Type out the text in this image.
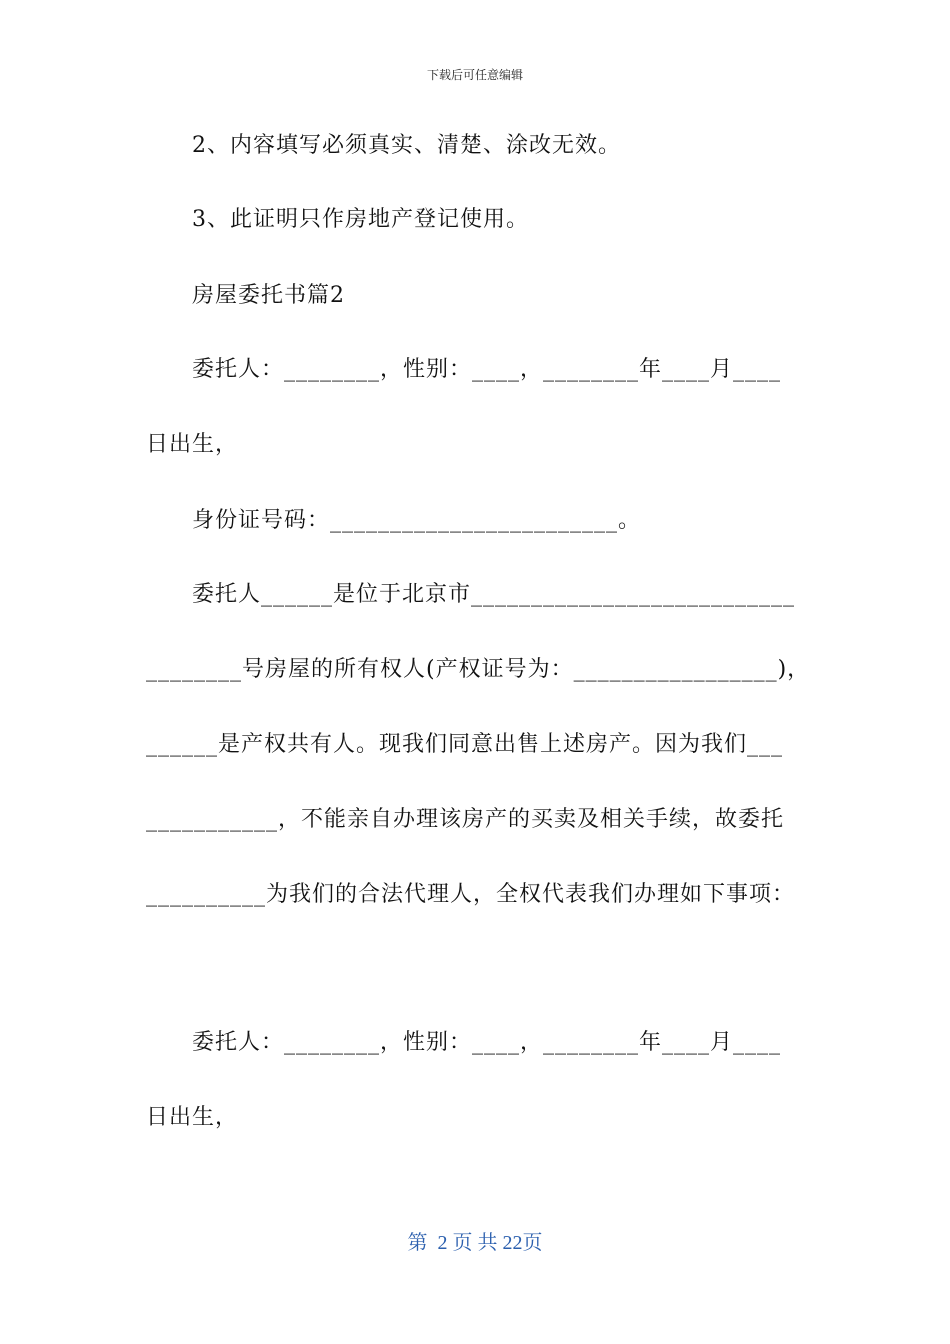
下载后可任意编辑
2、内容填写必须真实、清楚、涂改无效。
3、此证明只作房地产登记使用。
房屋委托书篇2
委托人：________，性别：____，________年____月____
日出生，
身份证号码：________________________。
委托人______是位于北京市___________________________
________号房屋的所有权人(产权证号为：_________________)，
______是产权共有人。现我们同意出售上述房产。因为我们___
___________，不能亲自办理该房产的买卖及相关手续，故委托
__________为我们的合法代理人，全权代表我们办理如下事项：
委托人：________，性别：____，________年____月____
日出生，
第  2 页 共 22页
